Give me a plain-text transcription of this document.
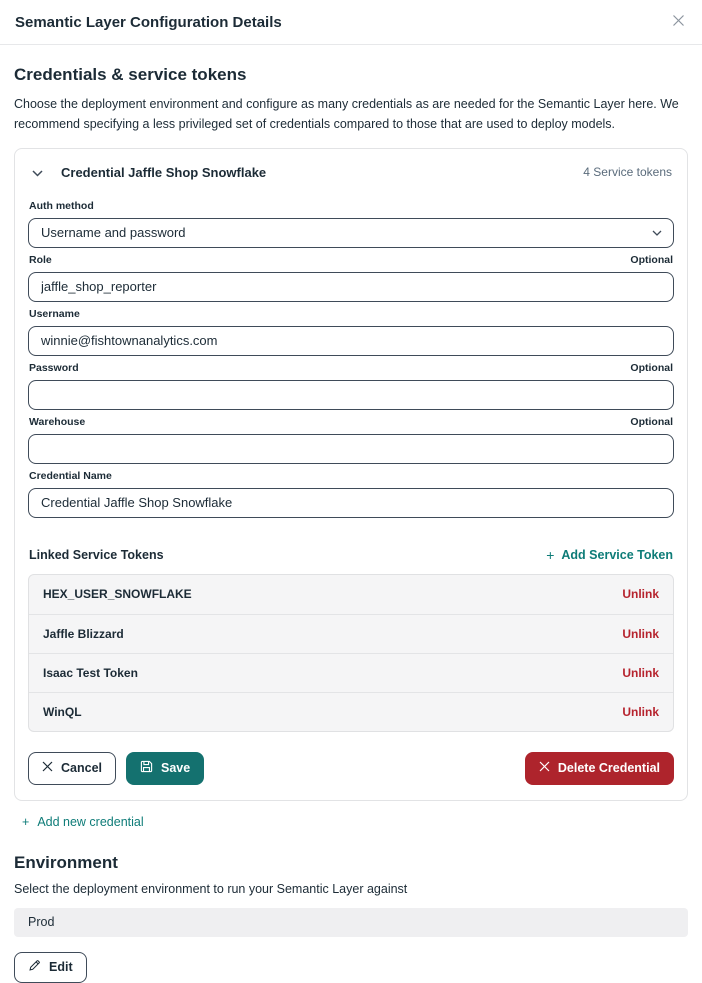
Semantic Layer Configuration Details
Credentials & service tokens

Choose the deployment environment and configure as many credentials as are needed for the Semantic Layer here. We recommend specifying a less privileged set of credentials compared to those that are used to deploy models.

Credential Jaffle Shop Snowflake	4 Service tokens
Auth method
Username and password
Role	Optional
jaffle_shop_reporter
Username
winnie@fishtownanalytics.com
Password	Optional
Warehouse	Optional
Credential Name
Credential Jaffle Shop Snowflake
Linked Service Tokens	+ Add Service Token
HEX_USER_SNOWFLAKE	Unlink
Jaffle Blizzard	Unlink
Isaac Test Token	Unlink
WinQL	Unlink
Cancel	Save	Delete Credential
+ Add new credential
Environment

Select the deployment environment to run your Semantic Layer against

Prod
Edit
